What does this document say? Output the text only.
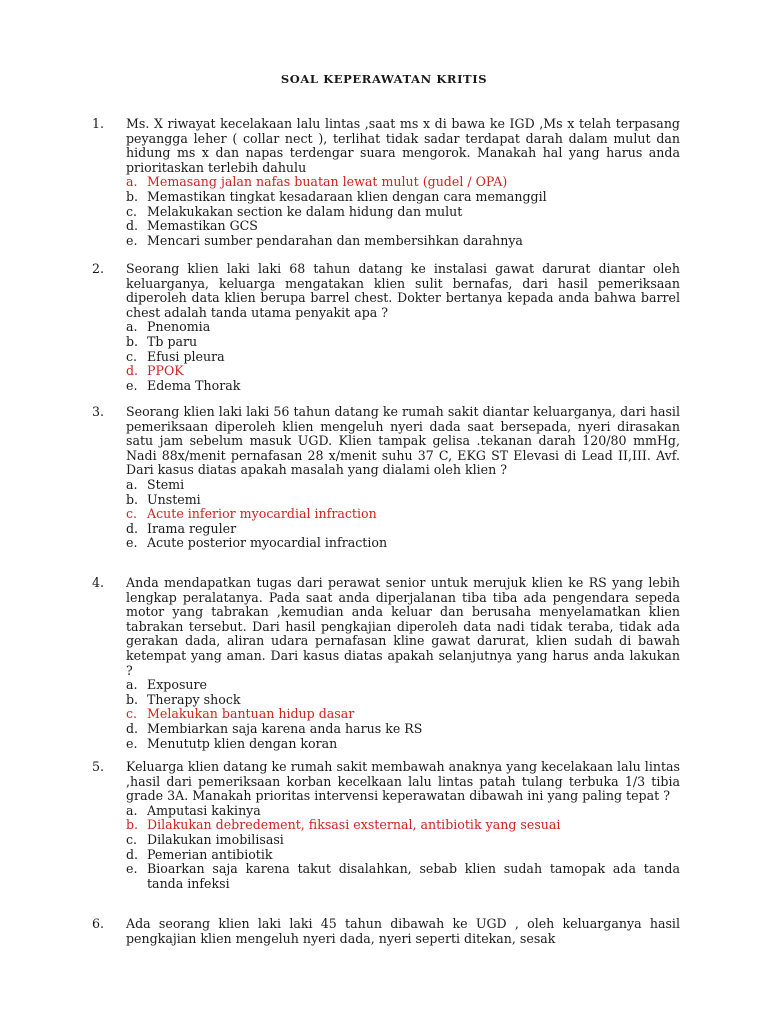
SOAL KEPERAWATAN KRITIS
1. Ms. X riwayat kecelakaan lalu lintas ,saat ms x di bawa ke IGD ,Ms x telah terpasang peyangga leher ( collar nect ), terlihat tidak sadar terdapat darah dalam mulut dan hidung ms x dan napas terdengar suara mengorok. Manakah hal yang harus anda prioritaskan terlebih dahulu
a. Memasang jalan nafas buatan lewat mulut (gudel / OPA)
b. Memastikan tingkat kesadaraan klien dengan cara memanggil
c. Melakukakan section ke dalam hidung dan mulut
d. Memastikan GCS
e. Mencari sumber pendarahan dan membersihkan darahnya
2. Seorang klien laki laki 68 tahun datang ke instalasi gawat darurat diantar oleh keluarganya, keluarga mengatakan klien sulit bernafas, dari hasil pemeriksaan diperoleh data klien berupa barrel chest. Dokter bertanya kepada anda bahwa barrel chest adalah tanda utama penyakit apa ?
a. Pnenomia
b. Tb paru
c. Efusi pleura
d. PPOK
e. Edema Thorak
3. Seorang klien laki laki 56 tahun datang ke rumah sakit diantar keluarganya, dari hasil pemeriksaan diperoleh klien mengeluh nyeri dada saat bersepada, nyeri dirasakan satu jam sebelum masuk UGD. Klien tampak gelisa .tekanan darah 120/80 mmHg, Nadi 88x/menit pernafasan 28 x/menit suhu 37 C, EKG ST Elevasi di Lead II,III. Avf. Dari kasus diatas apakah masalah yang dialami oleh klien ?
a. Stemi
b. Unstemi
c. Acute inferior myocardial infraction
d. Irama reguler
e. Acute posterior myocardial infraction
4. Anda mendapatkan tugas dari perawat senior untuk merujuk klien ke RS yang lebih lengkap peralatanya. Pada saat anda diperjalanan tiba tiba ada pengendara sepeda motor yang tabrakan ,kemudian anda keluar dan berusaha menyelamatkan klien tabrakan tersebut. Dari hasil pengkajian diperoleh data nadi tidak teraba, tidak ada gerakan dada, aliran udara pernafasan kline gawat darurat, klien sudah di bawah ketempat yang aman. Dari kasus diatas apakah selanjutnya yang harus anda lakukan ?
a. Exposure
b. Therapy shock
c. Melakukan bantuan hidup dasar
d. Membiarkan saja karena anda harus ke RS
e. Menututp klien dengan koran
5. Keluarga klien datang ke rumah sakit membawah anaknya yang kecelakaan lalu lintas ,hasil dari pemeriksaan korban kecelkaan lalu lintas patah tulang terbuka 1/3 tibia grade 3A. Manakah prioritas intervensi keperawatan dibawah ini yang paling tepat ?
a. Amputasi kakinya
b. Dilakukan debredement, fiksasi exsternal, antibiotik yang sesuai
c. Dilakukan imobilisasi
d. Pemerian antibiotik
e. Bioarkan saja karena takut disalahkan, sebab klien sudah tamopak ada tanda tanda infeksi
6. Ada seorang klien laki laki 45 tahun dibawah ke UGD , oleh keluarganya hasil pengkajian klien mengeluh nyeri dada, nyeri seperti ditekan, sesak
